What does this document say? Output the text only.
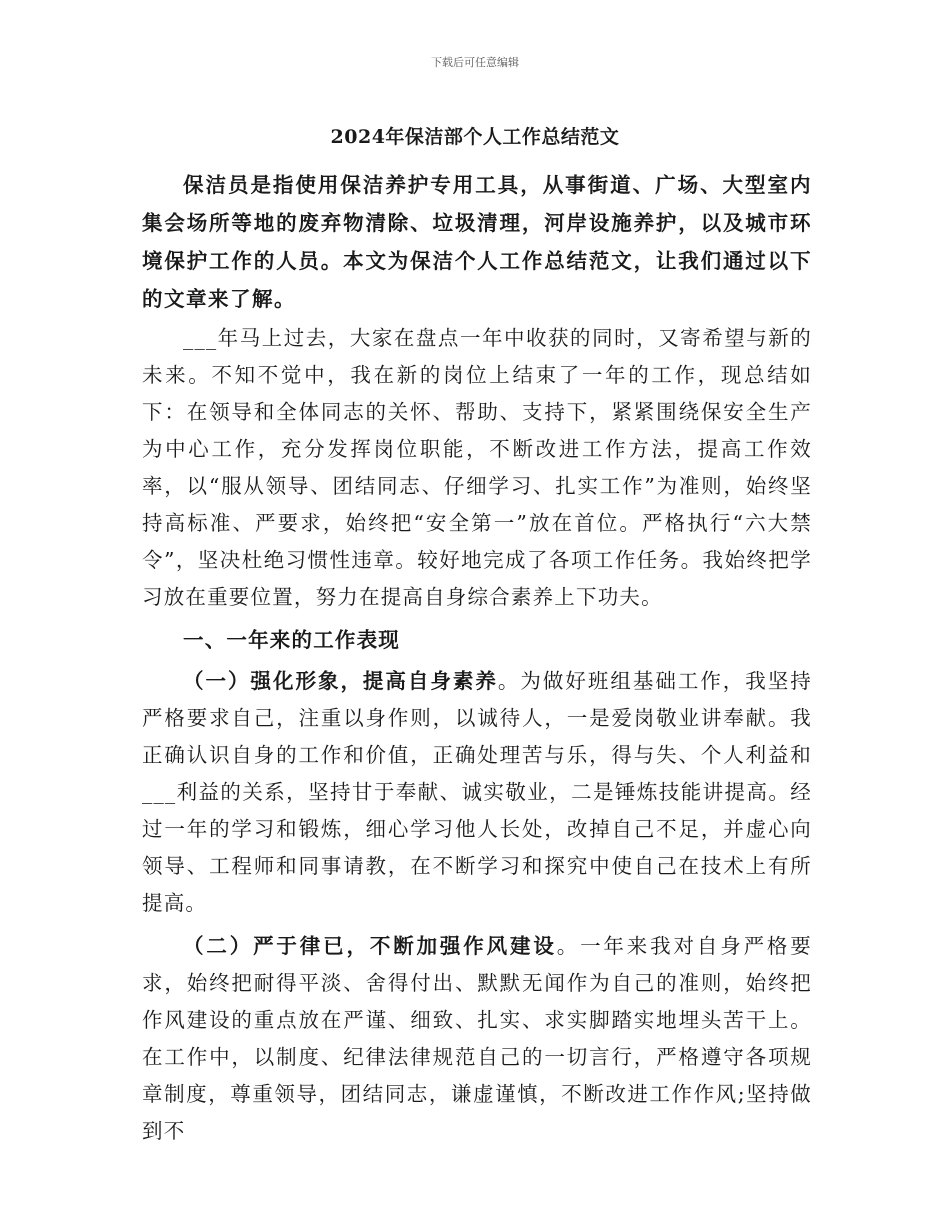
下载后可任意编辑
2024年保洁部个人工作总结范文

保洁员是指使用保洁养护专用工具，从事街道、广场、大型室内集会场所等地的废弃物清除、垃圾清理，河岸设施养护，以及城市环境保护工作的人员。本文为保洁个人工作总结范文，让我们通过以下的文章来了解。

___年马上过去，大家在盘点一年中收获的同时，又寄希望与新的未来。不知不觉中，我在新的岗位上结束了一年的工作，现总结如下：在领导和全体同志的关怀、帮助、支持下，紧紧围绕保安全生产为中心工作，充分发挥岗位职能，不断改进工作方法，提高工作效率，以“服从领导、团结同志、仔细学习、扎实工作”为准则，始终坚持高标准、严要求，始终把“安全第一”放在首位。严格执行“六大禁令”，坚决杜绝习惯性违章。较好地完成了各项工作任务。我始终把学习放在重要位置，努力在提高自身综合素养上下功夫。

一、一年来的工作表现

（一）强化形象，提高自身素养。为做好班组基础工作，我坚持严格要求自己，注重以身作则，以诚待人，一是爱岗敬业讲奉献。我正确认识自身的工作和价值，正确处理苦与乐，得与失、个人利益和___利益的关系，坚持甘于奉献、诚实敬业，二是锤炼技能讲提高。经过一年的学习和锻炼，细心学习他人长处，改掉自己不足，并虚心向领导、工程师和同事请教，在不断学习和探究中使自己在技术上有所提高。

（二）严于律已，不断加强作风建设。一年来我对自身严格要求，始终把耐得平淡、舍得付出、默默无闻作为自己的准则，始终把作风建设的重点放在严谨、细致、扎实、求实脚踏实地埋头苦干上。在工作中，以制度、纪律法律规范自己的一切言行，严格遵守各项规章制度，尊重领导，团结同志，谦虚谨慎，不断改进工作作风;坚持做到不
